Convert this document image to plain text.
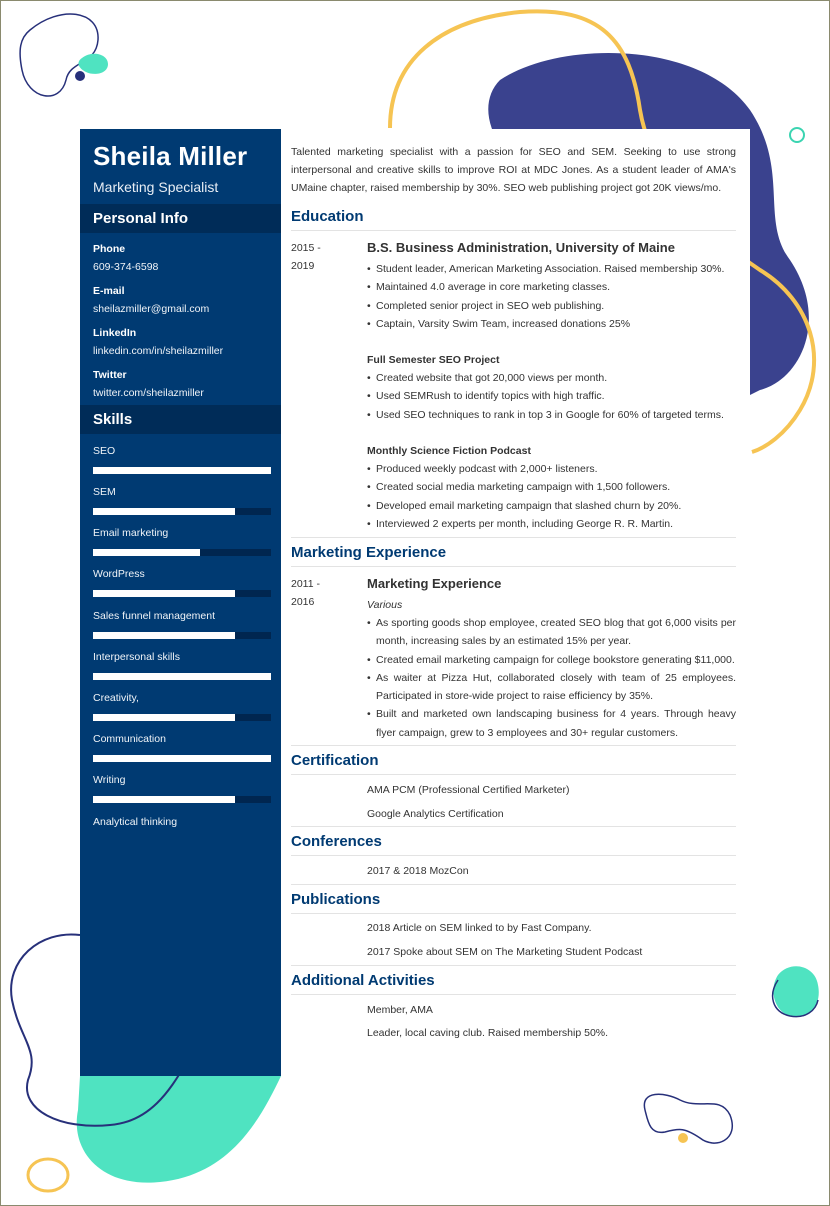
Sheila Miller
Marketing Specialist
Personal Info
Phone
609-374-6598
E-mail
sheilazmiller@gmail.com
LinkedIn
linkedin.com/in/sheilazmiller
Twitter
twitter.com/sheilazmiller
Skills
SEO
SEM
Email marketing
WordPress
Sales funnel management
Interpersonal skills
Creativity,
Communication
Writing
Analytical thinking
Talented marketing specialist with a passion for SEO and SEM. Seeking to use strong interpersonal and creative skills to improve ROI at MDC Jones. As a student leader of AMA's UMaine chapter, raised membership by 30%. SEO web publishing project got 20K views/mo.
Education
2015 -
2019
B.S. Business Administration, University of Maine
• Student leader, American Marketing Association. Raised membership 30%.
• Maintained 4.0 average in core marketing classes.
• Completed senior project in SEO web publishing.
• Captain, Varsity Swim Team, increased donations 25%
Full Semester SEO Project
• Created website that got 20,000 views per month.
• Used SEMRush to identify topics with high traffic.
• Used SEO techniques to rank in top 3 in Google for 60% of targeted terms.
Monthly Science Fiction Podcast
• Produced weekly podcast with 2,000+ listeners.
• Created social media marketing campaign with 1,500 followers.
• Developed email marketing campaign that slashed churn by 20%.
• Interviewed 2 experts per month, including George R. R. Martin.
Marketing Experience
2011 -
2016
Marketing Experience
Various
• As sporting goods shop employee, created SEO blog that got 6,000 visits per month, increasing sales by an estimated 15% per year.
• Created email marketing campaign for college bookstore generating $11,000.
• As waiter at Pizza Hut, collaborated closely with team of 25 employees. Participated in store-wide project to raise efficiency by 35%.
• Built and marketed own landscaping business for 4 years. Through heavy flyer campaign, grew to 3 employees and 30+ regular customers.
Certification
AMA PCM (Professional Certified Marketer)
Google Analytics Certification
Conferences
2017 & 2018 MozCon
Publications
2018 Article on SEM linked to by Fast Company.
2017 Spoke about SEM on The Marketing Student Podcast
Additional Activities
Member, AMA
Leader, local caving club. Raised membership 50%.
